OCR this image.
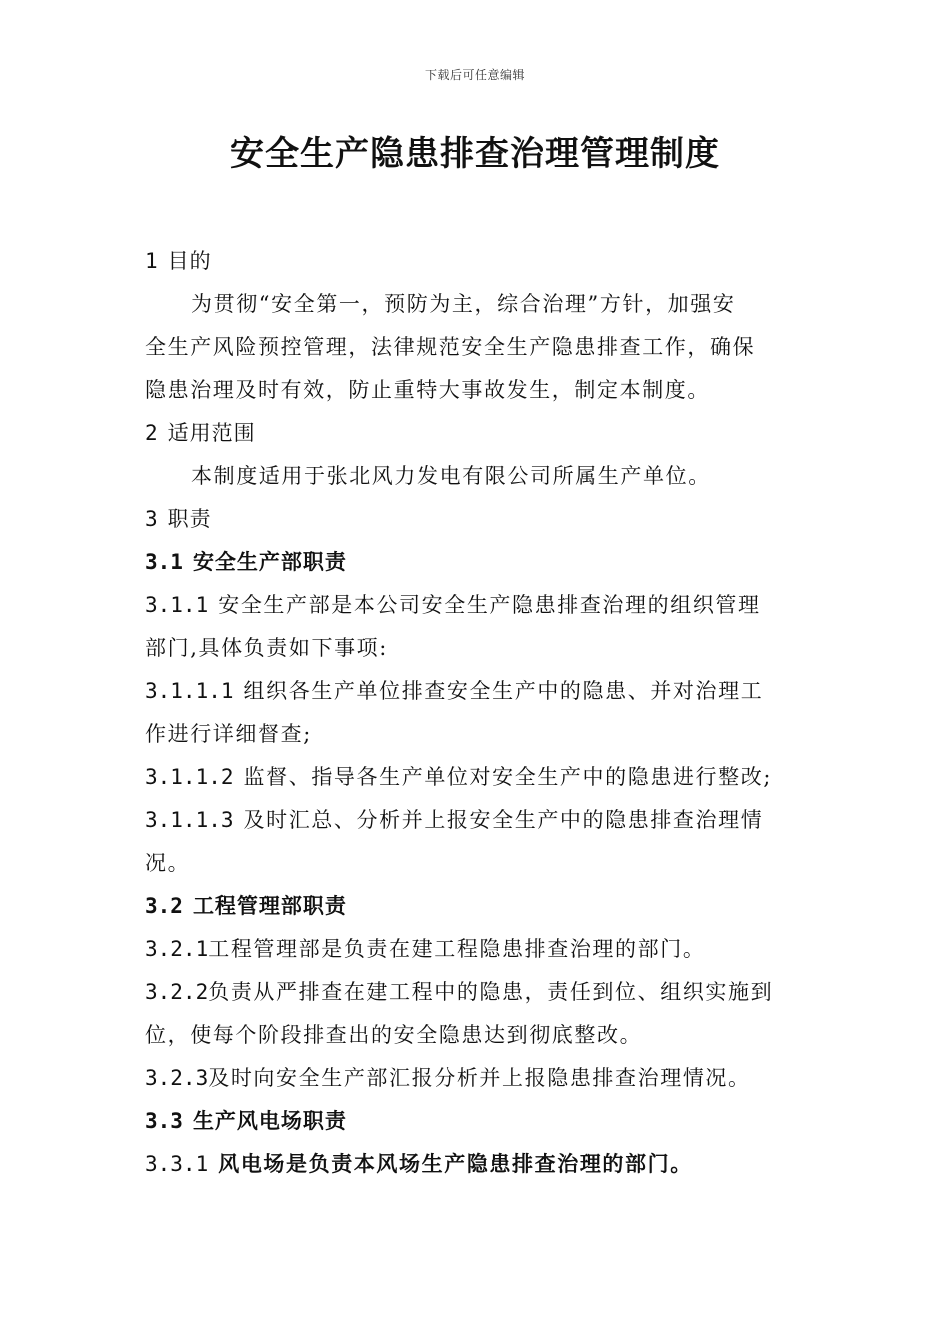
下载后可任意编辑
安全生产隐患排查治理管理制度
1 目的
为贯彻“安全第一，预防为主，综合治理”方针，加强安
全生产风险预控管理，法律规范安全生产隐患排查工作，确保
隐患治理及时有效，防止重特大事故发生，制定本制度。
2 适用范围
本制度适用于张北风力发电有限公司所属生产单位。
3 职责
3.1 安全生产部职责
3.1.1 安全生产部是本公司安全生产隐患排查治理的组织管理
部门,具体负责如下事项:
3.1.1.1 组织各生产单位排查安全生产中的隐患、并对治理工
作进行详细督查;
3.1.1.2 监督、指导各生产单位对安全生产中的隐患进行整改;
3.1.1.3 及时汇总、分析并上报安全生产中的隐患排查治理情
况。
3.2 工程管理部职责
3.2.1工程管理部是负责在建工程隐患排查治理的部门。
3.2.2负责从严排查在建工程中的隐患，责任到位、组织实施到
位，使每个阶段排查出的安全隐患达到彻底整改。
3.2.3及时向安全生产部汇报分析并上报隐患排查治理情况。
3.3 生产风电场职责
3.3.1 风电场是负责本风场生产隐患排查治理的部门。
